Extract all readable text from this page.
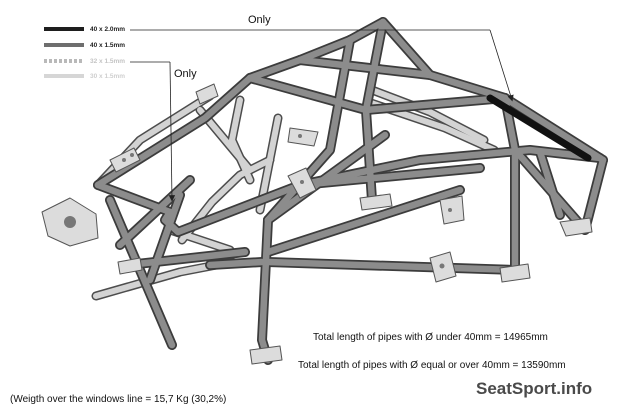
40 x 2.0mm
40 x 1.5mm
32 x 1.5mm
30 x 1.5mm
Only
Only
Total length of pipes with Ø under 40mm = 14965mm
Total length of pipes with Ø equal or over 40mm = 13590mm
(Weigth over the windows line = 15,7 Kg (30,2%)
SeatSport.info
